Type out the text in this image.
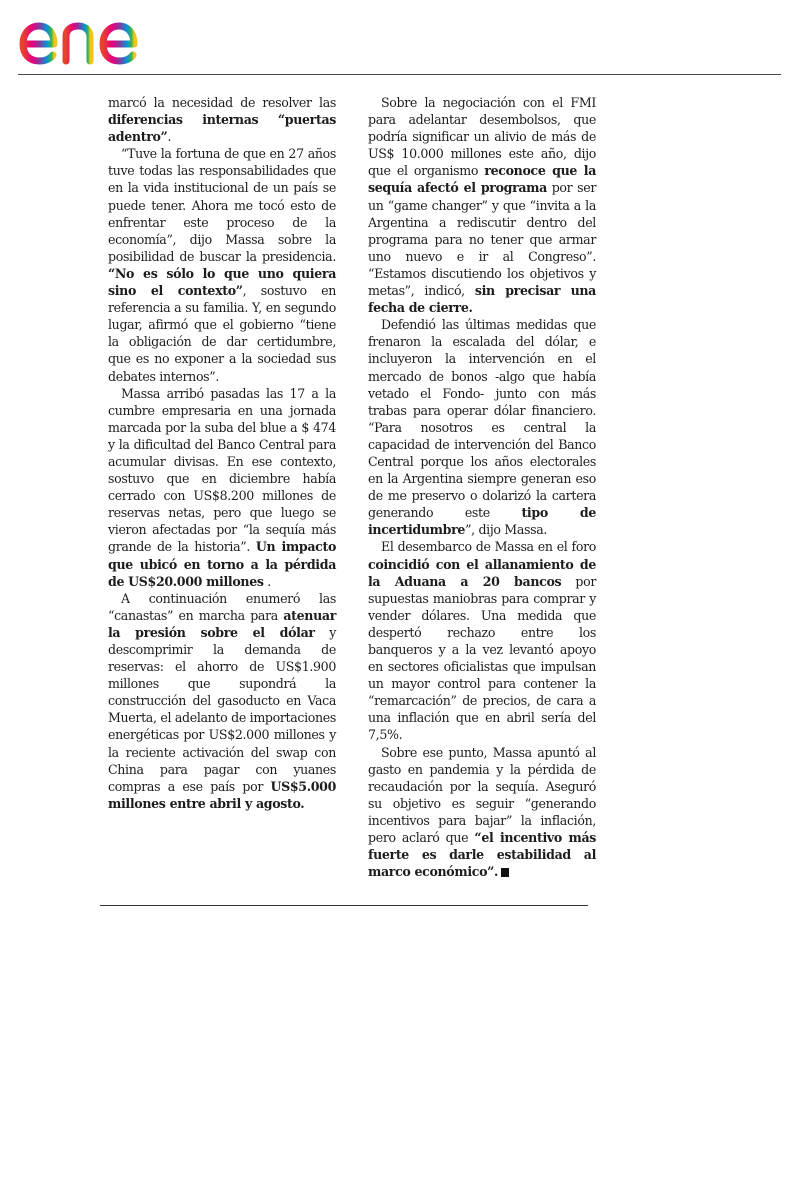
marcó la necesidad de resolver las diferencias internas “puertas adentro”.

“Tuve la fortuna de que en 27 años tuve todas las responsabilidades que en la vida institucional de un país se puede tener. Ahora me tocó esto de enfrentar este proceso de la economía”, dijo Massa sobre la posibilidad de buscar la presidencia. “No es sólo lo que uno quiera sino el contexto”, sostuvo en referencia a su familia. Y, en segundo lugar, afirmó que el gobierno “tiene la obligación de dar certidumbre, que es no exponer a la sociedad sus debates internos”.

Massa arribó pasadas las 17 a la cumbre empresaria en una jornada marcada por la suba del blue a $ 474 y la dificultad del Banco Central para acumular divisas. En ese contexto, sostuvo que en diciembre había cerrado con US$8.200 millones de reservas netas, pero que luego se vieron afectadas por “la sequía más grande de la historia”. Un impacto que ubicó en torno a la pérdida de US$20.000 millones .

A continuación enumeró las “canastas” en marcha para atenuar la presión sobre el dólar y descomprimir la demanda de reservas: el ahorro de US$1.900 millones que supondrá la construcción del gasoducto en Vaca Muerta, el adelanto de importaciones energéticas por US$2.000 millones y la reciente activación del swap con China para pagar con yuanes compras a ese país por US$5.000 millones entre abril y agosto.

Sobre la negociación con el FMI para adelantar desembolsos, que podría significar un alivio de más de US$ 10.000 millones este año, dijo que el organismo reconoce que la sequía afectó el programa por ser un “game changer” y que “invita a la Argentina a rediscutir dentro del programa para no tener que armar uno nuevo e ir al Congreso”. “Estamos discutiendo los objetivos y metas”, indicó, sin precisar una fecha de cierre.

Defendió las últimas medidas que frenaron la escalada del dólar, e incluyeron la intervención en el mercado de bonos -algo que había vetado el Fondo- junto con más trabas para operar dólar financiero. “Para nosotros es central la capacidad de intervención del Banco Central porque los años electorales en la Argentina siempre generan eso de me preservo o dolarizó la cartera generando este tipo de incertidumbre”, dijo Massa.

El desembarco de Massa en el foro coincidió con el allanamiento de la Aduana a 20 bancos por supuestas maniobras para comprar y vender dólares. Una medida que despertó rechazo entre los banqueros y a la vez levantó apoyo en sectores oficialistas que impulsan un mayor control para contener la “remarcación” de precios, de cara a una inflación que en abril sería del 7,5%.

Sobre ese punto, Massa apuntó al gasto en pandemia y la pérdida de recaudación por la sequía. Aseguró su objetivo es seguir “generando incentivos para bajar” la inflación, pero aclaró que “el incentivo más fuerte es darle estabilidad al marco económico”.
